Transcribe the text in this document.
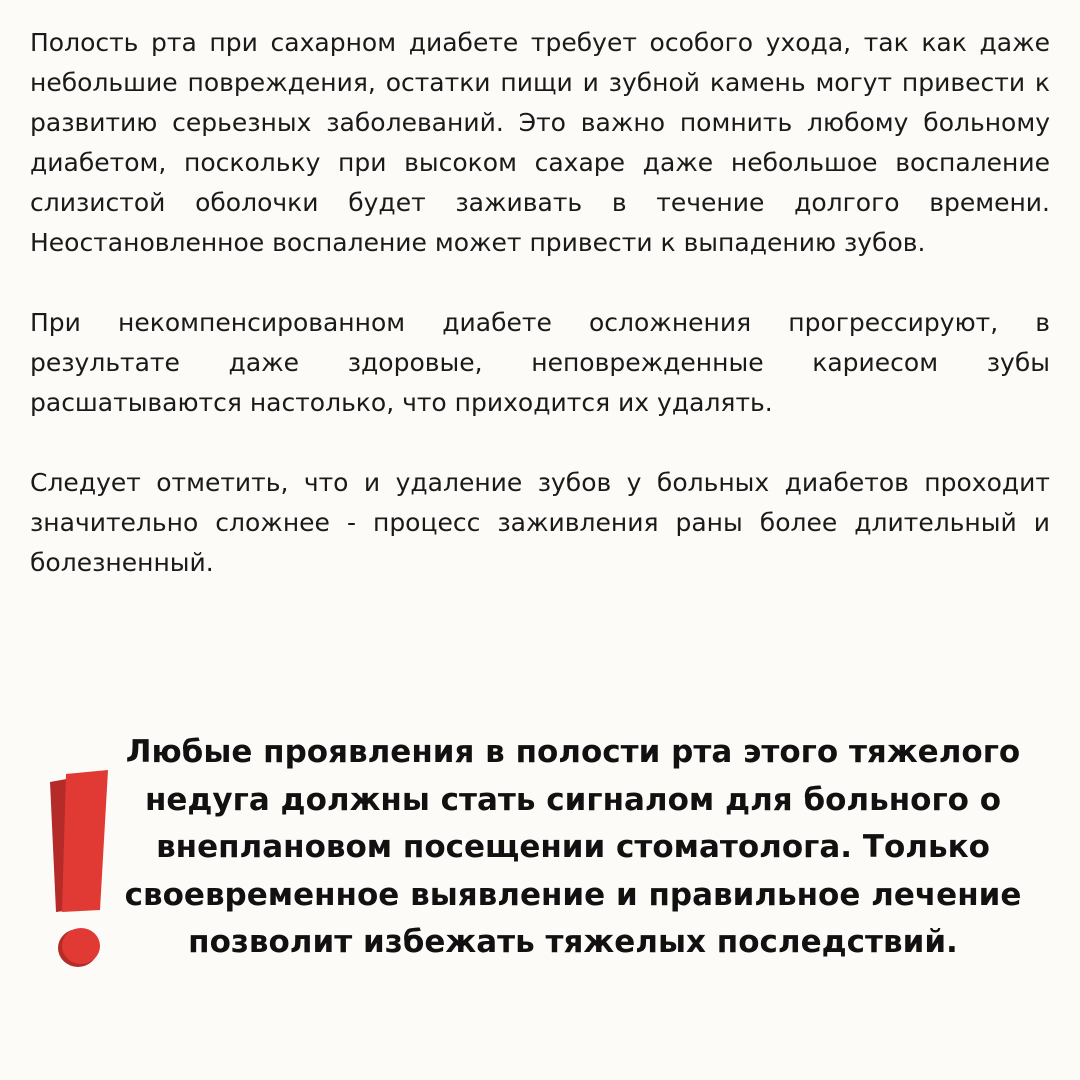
Полость рта при сахарном диабете требует особого ухода, так как даже небольшие повреждения, остатки пищи и зубной камень могут привести к развитию серьезных заболеваний. Это важно помнить любому больному диабетом, поскольку при высоком сахаре даже небольшое воспаление слизистой оболочки будет заживать в течение долгого времени. Неостановленное воспаление может привести к выпадению зубов.

При некомпенсированном диабете осложнения прогрессируют, в результате даже здоровые, неповрежденные кариесом зубы расшатываются настолько, что приходится их удалять.

Следует отметить, что и удаление зубов у больных диабетов проходит значительно сложнее - процесс заживления раны более длительный и болезненный.

Любые проявления в полости рта этого тяжелого недуга должны стать сигналом для больного о внеплановом посещении стоматолога. Только своевременное выявление и правильное лечение позволит избежать тяжелых последствий.
